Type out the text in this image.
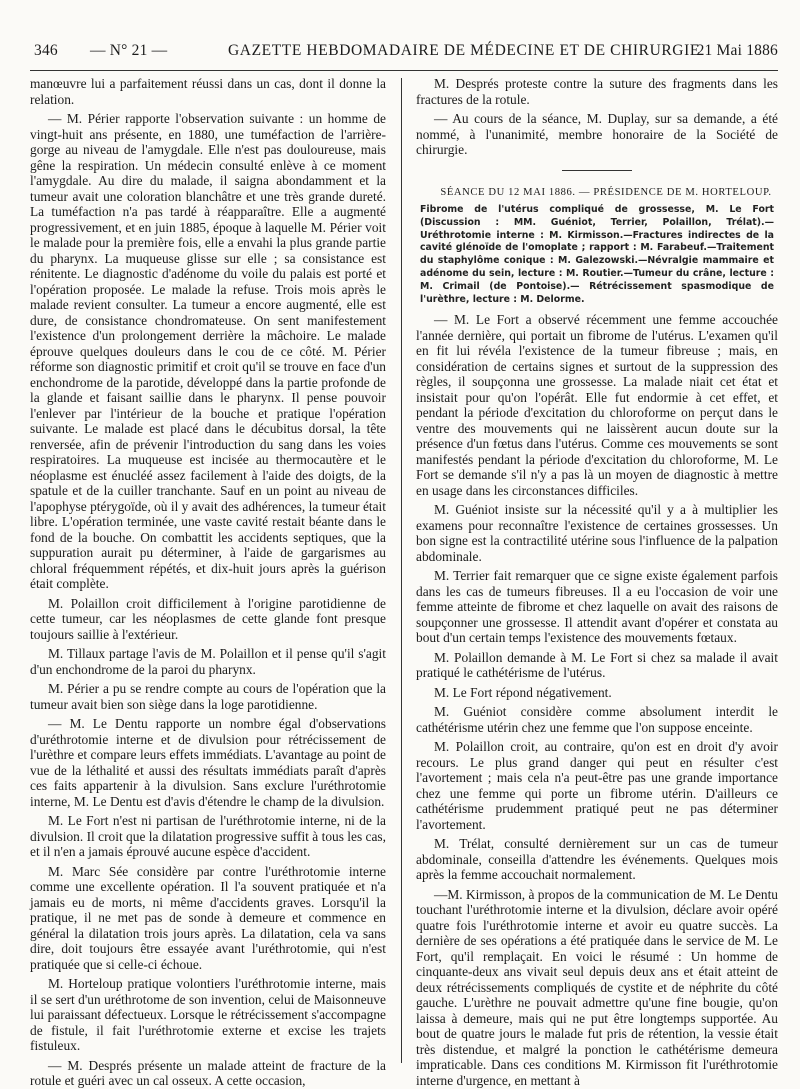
346 — N° 21 —	GAZETTE HEBDOMADAIRE DE MÉDECINE ET DE CHIRURGIE
21 Mai 1886

manœuvre lui a parfaitement réussi dans un cas, dont il donne la relation.

— M. Périer rapporte l'observation suivante : un homme de vingt-huit ans présente, en 1880, une tuméfaction de l'arrière-gorge au niveau de l'amygdale. Elle n'est pas douloureuse, mais gêne la respiration. Un médecin consulté enlève à ce moment l'amygdale. Au dire du malade, il saigna abondamment et la tumeur avait une coloration blanchâtre et une très grande dureté. La tuméfaction n'a pas tardé à réapparaître. Elle a augmenté progressivement, et en juin 1885, époque à laquelle M. Périer voit le malade pour la première fois, elle a envahi la plus grande partie du pharynx. La muqueuse glisse sur elle ; sa consistance est rénitente. Le diagnostic d'adénome du voile du palais est porté et l'opération proposée. Le malade la refuse. Trois mois après le malade revient consulter. La tumeur a encore augmenté, elle est dure, de consistance chondromateuse. On sent manifestement l'existence d'un prolongement derrière la mâchoire. Le malade éprouve quelques douleurs dans le cou de ce côté. M. Périer réforme son diagnostic primitif et croit qu'il se trouve en face d'un enchondrome de la parotide, développé dans la partie profonde de la glande et faisant saillie dans le pharynx. Il pense pouvoir l'enlever par l'intérieur de la bouche et pratique l'opération suivante. Le malade est placé dans le décubitus dorsal, la tête renversée, afin de prévenir l'introduction du sang dans les voies respiratoires. La muqueuse est incisée au thermocautère et le néoplasme est énucléé assez facilement à l'aide des doigts, de la spatule et de la cuiller tranchante. Sauf en un point au niveau de l'apophyse ptérygoïde, où il y avait des adhérences, la tumeur était libre. L'opération terminée, une vaste cavité restait béante dans le fond de la bouche. On combattit les accidents septiques, que la suppuration aurait pu déterminer, à l'aide de gargarismes au chloral fréquemment répétés, et dix-huit jours après la guérison était complète.

M. Polaillon croit difficilement à l'origine parotidienne de cette tumeur, car les néoplasmes de cette glande font presque toujours saillie à l'extérieur.

M. Tillaux partage l'avis de M. Polaillon et il pense qu'il s'agit d'un enchondrome de la paroi du pharynx.

M. Périer a pu se rendre compte au cours de l'opération que la tumeur avait bien son siège dans la loge parotidienne.

— M. Le Dentu rapporte un nombre égal d'observations d'uréthrotomie interne et de divulsion pour rétrécissement de l'urèthre et compare leurs effets immédiats. L'avantage au point de vue de la léthalité et aussi des résultats immédiats paraît d'après ces faits appartenir à la divulsion. Sans exclure l'uréthrotomie interne, M. Le Dentu est d'avis d'étendre le champ de la divulsion.

M. Le Fort n'est ni partisan de l'uréthrotomie interne, ni de la divulsion. Il croit que la dilatation progressive suffit à tous les cas, et il n'en a jamais éprouvé aucune espèce d'accident.

M. Marc Sée considère par contre l'uréthrotomie interne comme une excellente opération. Il l'a souvent pratiquée et n'a jamais eu de morts, ni même d'accidents graves. Lorsqu'il la pratique, il ne met pas de sonde à demeure et commence en général la dilatation trois jours après. La dilatation, cela va sans dire, doit toujours être essayée avant l'uréthrotomie, qui n'est pratiquée que si celle-ci échoue.

M. Horteloup pratique volontiers l'uréthrotomie interne, mais il se sert d'un uréthrotome de son invention, celui de Maisonneuve lui paraissant défectueux. Lorsque le rétrécissement s'accompagne de fistule, il fait l'uréthrotomie externe et excise les trajets fistuleux.

— M. Després présente un malade atteint de fracture de la rotule et guéri avec un cal osseux. A cette occasion,

M. Després proteste contre la suture des fragments dans les fractures de la rotule.

— Au cours de la séance, M. Duplay, sur sa demande, a été nommé, à l'unanimité, membre honoraire de la Société de chirurgie.

SÉANCE DU 12 MAI 1886. — PRÉSIDENCE DE M. HORTELOUP.

Fibrome de l'utérus compliqué de grossesse, M. Le Fort (Discussion : MM. Guéniot, Terrier, Polaillon, Trélat).—Uréthrotomie interne : M. Kirmisson.—Fractures indirectes de la cavité glénoïde de l'omoplate ; rapport : M. Farabeuf.—Traitement du staphylôme conique : M. Galezowski.—Névralgie mammaire et adénome du sein, lecture : M. Routier.—Tumeur du crâne, lecture : M. Crimail (de Pontoise).— Rétrécissement spasmodique de l'urèthre, lecture : M. Delorme.

— M. Le Fort a observé récemment une femme accouchée l'année dernière, qui portait un fibrome de l'utérus. L'examen qu'il en fit lui révéla l'existence de la tumeur fibreuse ; mais, en considération de certains signes et surtout de la suppression des règles, il soupçonna une grossesse. La malade niait cet état et insistait pour qu'on l'opérât. Elle fut endormie à cet effet, et pendant la période d'excitation du chloroforme on perçut dans le ventre des mouvements qui ne laissèrent aucun doute sur la présence d'un fœtus dans l'utérus. Comme ces mouvements se sont manifestés pendant la période d'excitation du chloroforme, M. Le Fort se demande s'il n'y a pas là un moyen de diagnostic à mettre en usage dans les circonstances difficiles.

M. Guéniot insiste sur la nécessité qu'il y a à multiplier les examens pour reconnaître l'existence de certaines grossesses. Un bon signe est la contractilité utérine sous l'influence de la palpation abdominale.

M. Terrier fait remarquer que ce signe existe également parfois dans les cas de tumeurs fibreuses. Il a eu l'occasion de voir une femme atteinte de fibrome et chez laquelle on avait des raisons de soupçonner une grossesse. Il attendit avant d'opérer et constata au bout d'un certain temps l'existence des mouvements fœtaux.

M. Polaillon demande à M. Le Fort si chez sa malade il avait pratiqué le cathétérisme de l'utérus.

M. Le Fort répond négativement.

M. Guéniot considère comme absolument interdit le cathétérisme utérin chez une femme que l'on suppose enceinte.

M. Polaillon croit, au contraire, qu'on est en droit d'y avoir recours. Le plus grand danger qui peut en résulter c'est l'avortement ; mais cela n'a peut-être pas une grande importance chez une femme qui porte un fibrome utérin. D'ailleurs ce cathétérisme prudemment pratiqué peut ne pas déterminer l'avortement.

M. Trélat, consulté dernièrement sur un cas de tumeur abdominale, conseilla d'attendre les événements. Quelques mois après la femme accouchait normalement.

—M. Kirmisson, à propos de la communication de M. Le Dentu touchant l'uréthrotomie interne et la divulsion, déclare avoir opéré quatre fois l'uréthrotomie interne et avoir eu quatre succès. La dernière de ses opérations a été pratiquée dans le service de M. Le Fort, qu'il remplaçait. En voici le résumé : Un homme de cinquante-deux ans vivait seul depuis deux ans et était atteint de deux rétrécissements compliqués de cystite et de néphrite du côté gauche. L'urèthre ne pouvait admettre qu'une fine bougie, qu'on laissa à demeure, mais qui ne put être longtemps supportée. Au bout de quatre jours le malade fut pris de rétention, la vessie était très distendue, et malgré la ponction le cathétérisme demeura impraticable. Dans ces conditions M. Kirmisson fit l'uréthrotomie interne d'urgence, en mettant à
